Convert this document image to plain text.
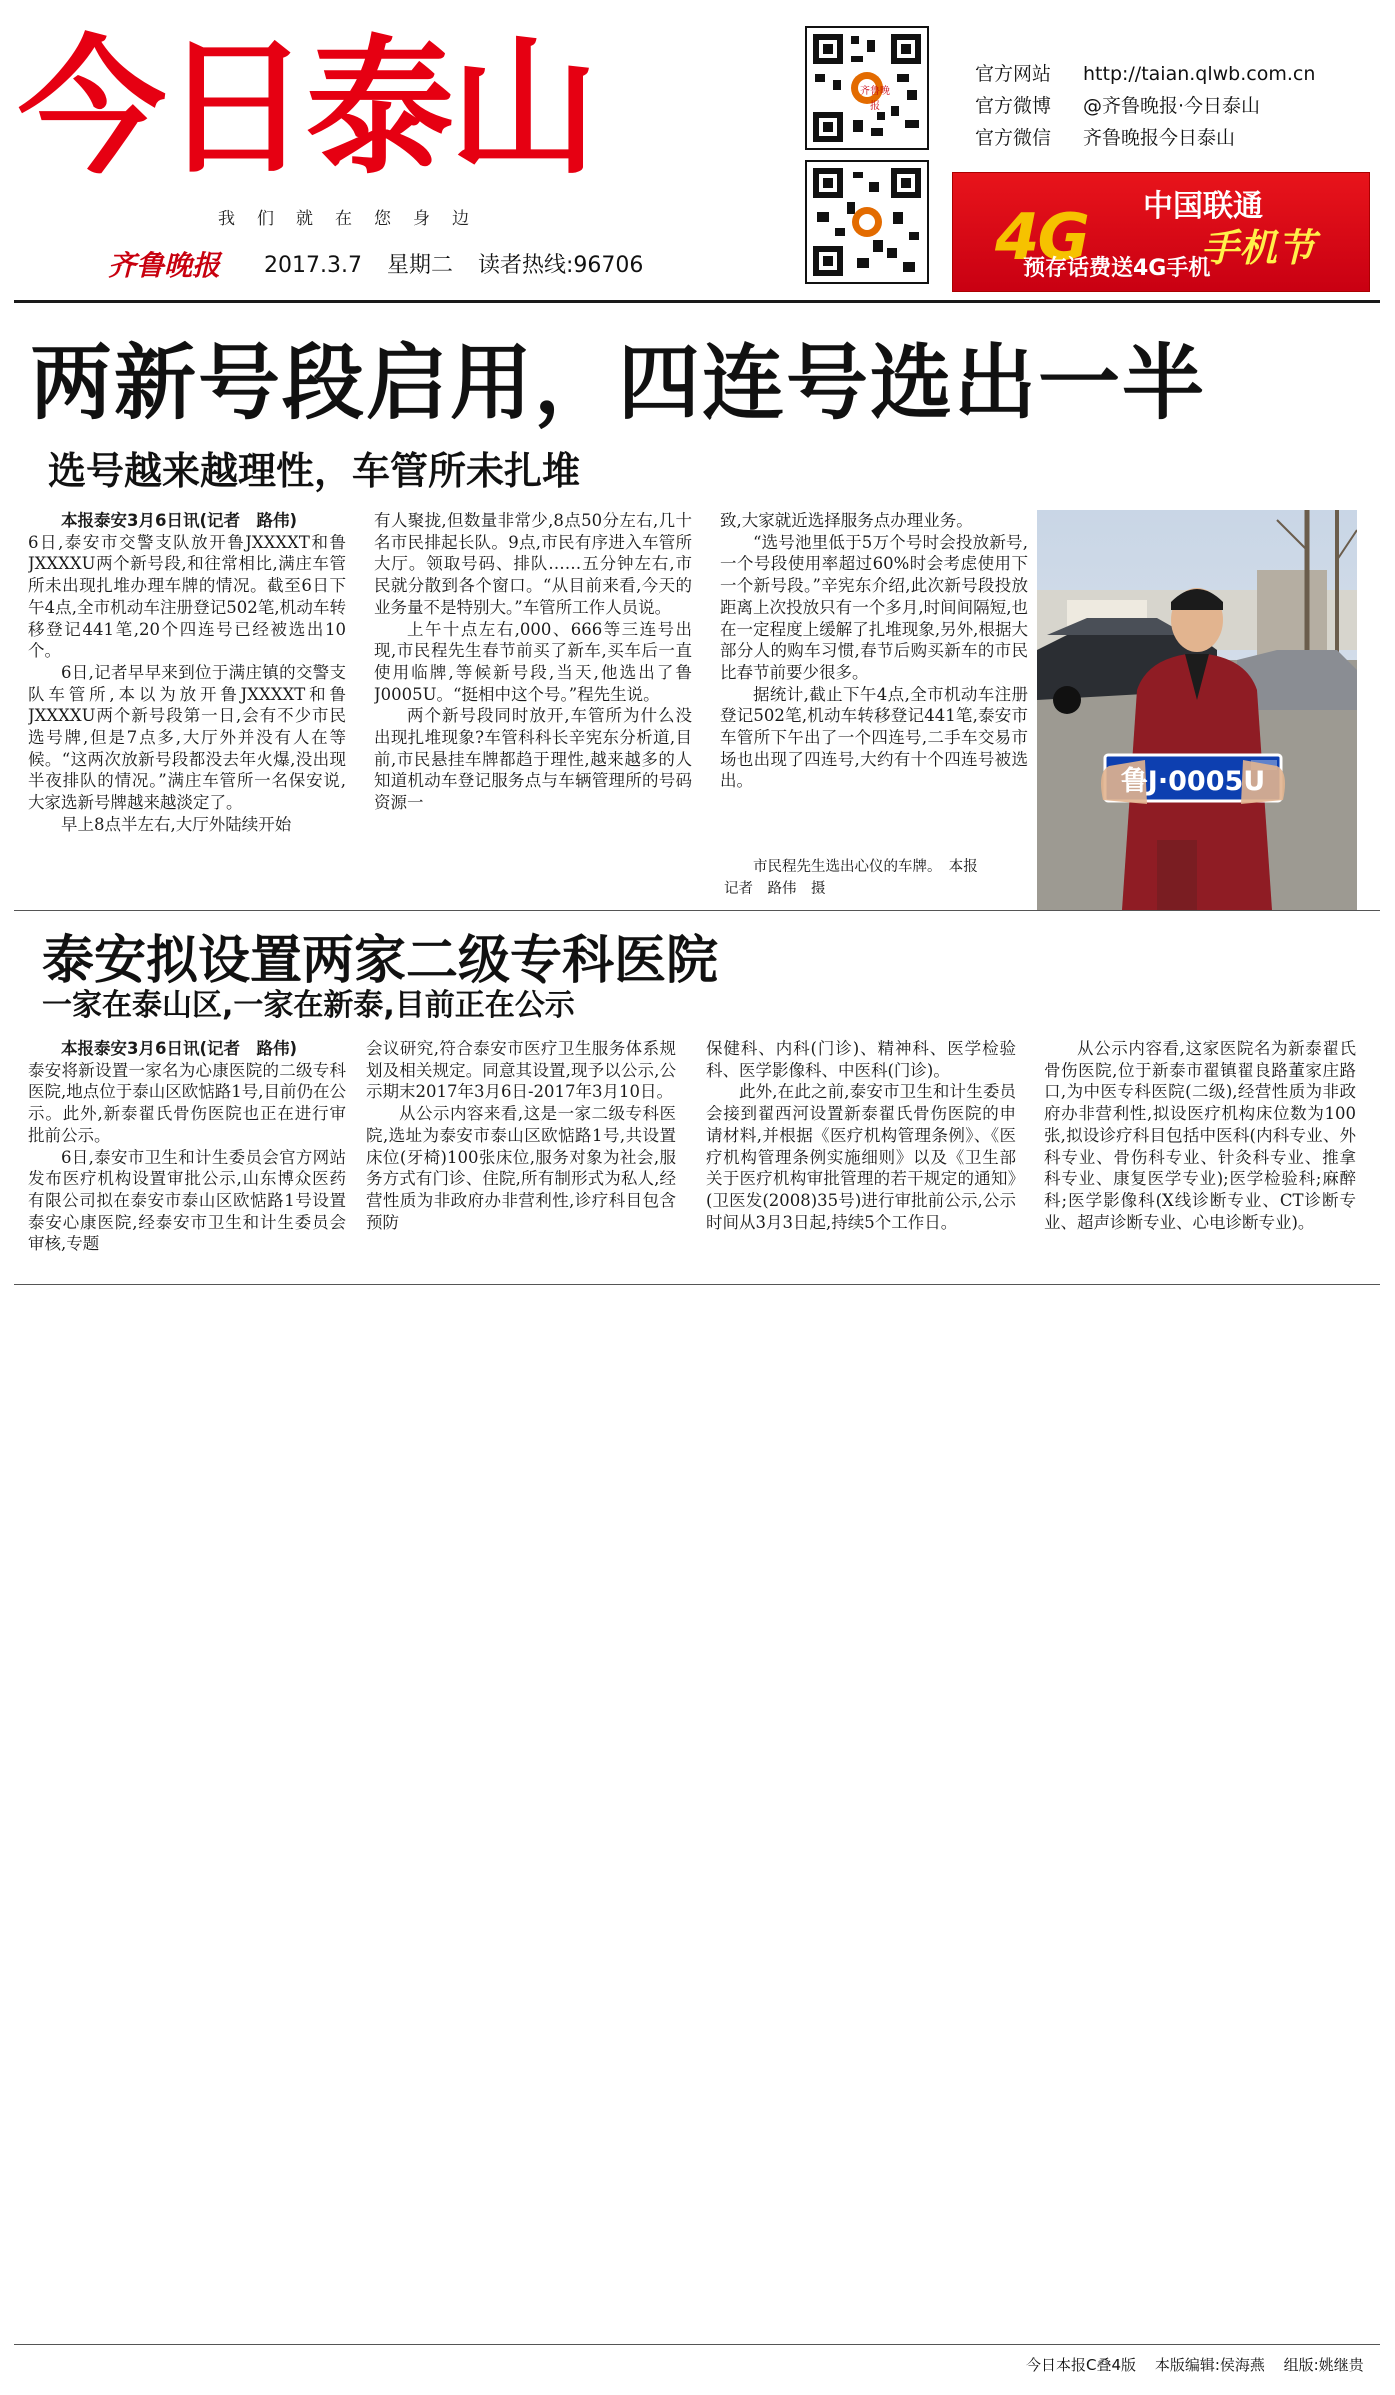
今日泰山
我们就在您身边
齐鲁晚报 2017.3.7 星期二 读者热线:96706
齐鲁晚报
官方网站 http://taian.qlwb.com.cn
官方微博 @齐鲁晚报·今日泰山
官方微信 齐鲁晚报今日泰山
4G 中国联通
手机节
预存话费送4G手机
两新号段启用，四连号选出一半
选号越来越理性，车管所未扎堆

本报泰安3月6日讯(记者　路伟)

6日,泰安市交警支队放开鲁JXXXXT和鲁JXXXXU两个新号段,和往常相比,满庄车管所未出现扎堆办理车牌的情况。截至6日下午4点,全市机动车注册登记502笔,机动车转移登记441笔,20个四连号已经被选出10个。

6日,记者早早来到位于满庄镇的交警支队车管所,本以为放开鲁JXXXXT和鲁JXXXXU两个新号段第一日,会有不少市民选号牌,但是7点多,大厅外并没有人在等候。“这两次放新号段都没去年火爆,没出现半夜排队的情况。”满庄车管所一名保安说,大家选新号牌越来越淡定了。

早上8点半左右,大厅外陆续开始

有人聚拢,但数量非常少,8点50分左右,几十名市民排起长队。9点,市民有序进入车管所大厅。领取号码、排队……五分钟左右,市民就分散到各个窗口。“从目前来看,今天的业务量不是特别大。”车管所工作人员说。

上午十点左右,000、666等三连号出现,市民程先生春节前买了新车,买车后一直使用临牌,等候新号段,当天,他选出了鲁J0005U。“挺相中这个号。”程先生说。

两个新号段同时放开,车管所为什么没出现扎堆现象?车管科科长辛宪东分析道,目前,市民悬挂车牌都趋于理性,越来越多的人知道机动车登记服务点与车辆管理所的号码资源一

致,大家就近选择服务点办理业务。

“选号池里低于5万个号时会投放新号,一个号段使用率超过60%时会考虑使用下一个新号段。”辛宪东介绍,此次新号段投放距离上次投放只有一个多月,时间间隔短,也在一定程度上缓解了扎堆现象,另外,根据大部分人的购车习惯,春节后购买新车的市民比春节前要少很多。

据统计,截止下午4点,全市机动车注册登记502笔,机动车转移登记441笔,泰安市车管所下午出了一个四连号,二手车交易市场也出现了四连号,大约有十个四连号被选出。	鲁J·0005U
市民程先生选出心仪的车牌。　本报
记者　路伟　摄
泰安拟设置两家二级专科医院
一家在泰山区,一家在新泰,目前正在公示

本报泰安3月6日讯(记者　路伟)

泰安将新设置一家名为心康医院的二级专科医院,地点位于泰山区欧惦路1号,目前仍在公示。此外,新泰翟氏骨伤医院也正在进行审批前公示。

6日,泰安市卫生和计生委员会官方网站发布医疗机构设置审批公示,山东博众医药有限公司拟在泰安市泰山区欧惦路1号设置泰安心康医院,经泰安市卫生和计生委员会审核,专题

会议研究,符合泰安市医疗卫生服务体系规划及相关规定。同意其设置,现予以公示,公示期末2017年3月6日-2017年3月10日。

从公示内容来看,这是一家二级专科医院,选址为泰安市泰山区欧惦路1号,共设置床位(牙椅)100张床位,服务对象为社会,服务方式有门诊、住院,所有制形式为私人,经营性质为非政府办非营利性,诊疗科目包含预防

保健科、内科(门诊)、精神科、医学检验科、医学影像科、中医科(门诊)。

此外,在此之前,泰安市卫生和计生委员会接到翟西河设置新泰翟氏骨伤医院的申请材料,并根据《医疗机构管理条例》、《医疗机构管理条例实施细则》以及《卫生部关于医疗机构审批管理的若干规定的通知》(卫医发(2008)35号)进行审批前公示,公示时间从3月3日起,持续5个工作日。

从公示内容看,这家医院名为新泰翟氏骨伤医院,位于新泰市翟镇翟良路董家庄路口,为中医专科医院(二级),经营性质为非政府办非营利性,拟设医疗机构床位数为100张,拟设诊疗科目包括中医科(内科专业、外科专业、骨伤科专业、针灸科专业、推拿科专业、康复医学专业);医学检验科;麻醉科;医学影像科(X线诊断专业、CT诊断专业、超声诊断专业、心电诊断专业)。

今日本报C叠4版 本版编辑:侯海燕 组版:姚继贵
